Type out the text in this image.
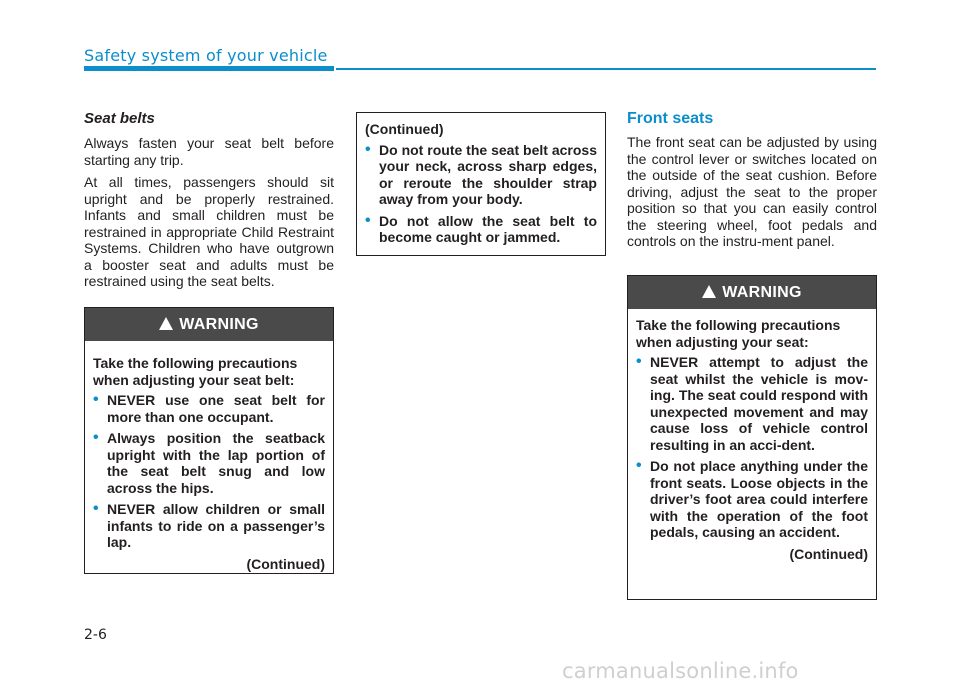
Safety system of your vehicle
Seat belts

Always fasten your seat belt before starting any trip.

At all times, passengers should sit upright and be properly restrained. Infants and small children must be restrained in appropriate Child Restraint Systems. Children who have outgrown a booster seat and adults must be restrained using the seat belts.

!WARNING

Take the following precautions when adjusting your seat belt:

• NEVER use one seat belt for more than one occupant.
• Always position the seatback upright with the lap portion of the seat belt snug and low across the hips.
• NEVER allow children or small infants to ride on a passenger’s lap.

(Continued)

(Continued)

• Do not route the seat belt across your neck, across sharp edges, or reroute the shoulder strap away from your body.
• Do not allow the seat belt to become caught or jammed.
Front seats

The front seat can be adjusted by using the control lever or switches located on the outside of the seat cushion. Before driving, adjust the seat to the proper position so that you can easily control the steering wheel, foot pedals and controls on the instru-ment panel.

!WARNING

Take the following precautions when adjusting your seat:

• NEVER attempt to adjust the seat whilst the vehicle is mov-ing. The seat could respond with unexpected movement and may cause loss of vehicle control resulting in an acci-dent.
• Do not place anything under the front seats. Loose objects in the driver’s foot area could interfere with the operation of the foot pedals, causing an accident.

(Continued)

2-6
carmanualsonline.info
